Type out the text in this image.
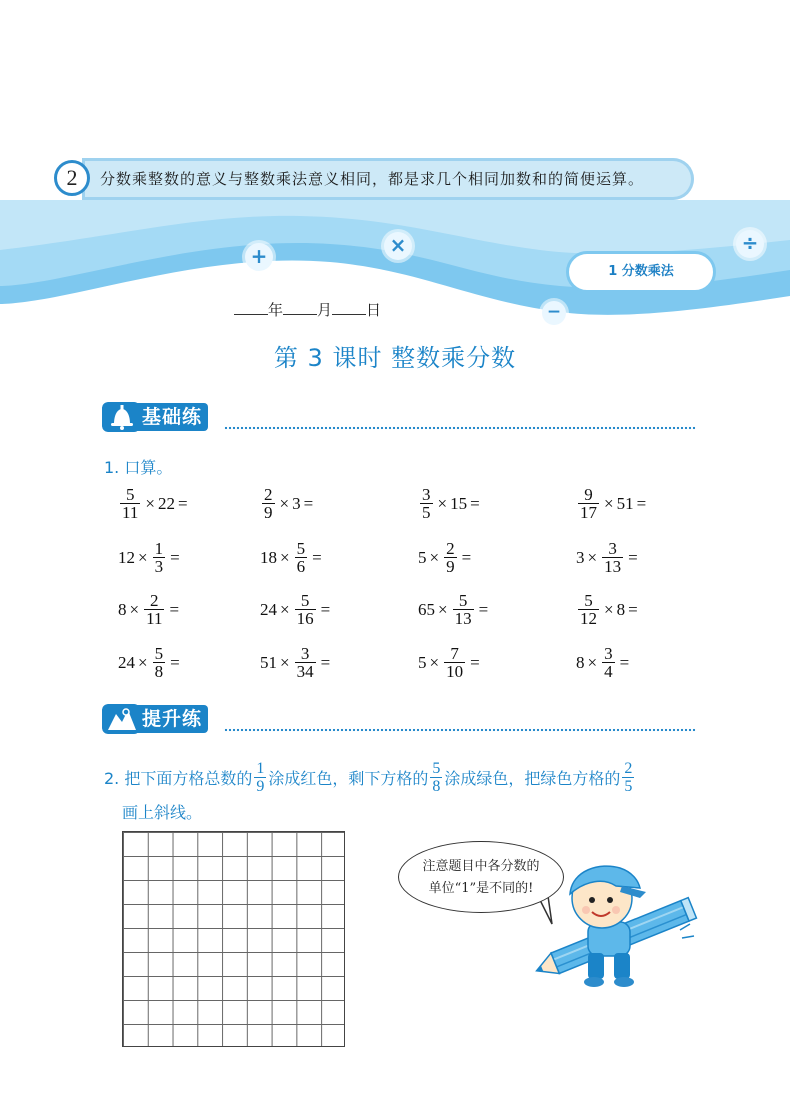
2	分数乘整数的意义与整数乘法意义相同，都是求几个相同加数和的简便运算。
+	×	÷
−
1 分数乘法
年 月 日
第 3 课时 整数乘分数
基础练
1. 口算。
$\frac{5}{11} \times 22$ =	$\frac{2}{9} \times 3$ =	$\frac{3}{5} \times 15$ =	$\frac{9}{17} \times 51$ =
$12 \times \frac{1}{3}$ =	$18 \times \frac{5}{6}$ =	$5 \times \frac{2}{9}$ =	$3 \times \frac{3}{13}$ =
$8 \times \frac{2}{11}$ =	$24 \times \frac{5}{16}$ =	$65 \times \frac{5}{13}$ =	$\frac{5}{12} \times 8$ =
$24 \times \frac{5}{8}$ =	$51 \times \frac{3}{34}$ =	$5 \times \frac{7}{10}$ =	$8 \times \frac{3}{4}$ =
提升练
2. 把下面方格总数的 $\frac{1}{9}$ 涂成红色，剩下方格的 $\frac{5}{8}$ 涂成绿色，把绿色方格的 $\frac{2}{5}$
画上斜线。
注意题目中各分数的
单位“1”是不同的!
